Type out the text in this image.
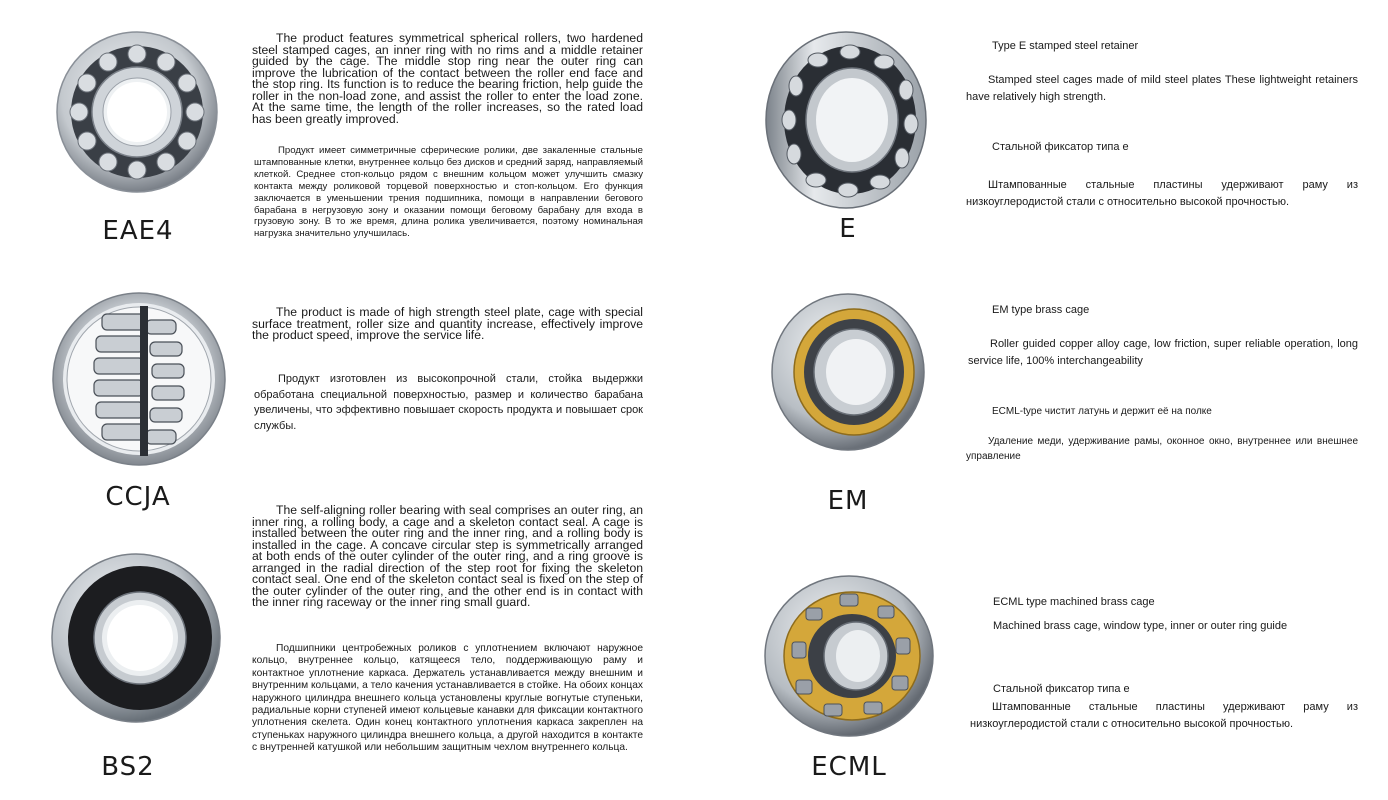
EAE4
CCJA
BS2

The product features symmetrical spherical rollers, two hardened steel stamped cages, an inner ring with no rims and a middle retainer guided by the cage. The middle stop ring near the outer ring can improve the lubrication of the contact between the roller end face and the stop ring. Its function is to reduce the bearing friction, help guide the roller in the non-load zone, and assist the roller to enter the load zone. At the same time, the length of the roller increases, so the rated load has been greatly improved.

Продукт имеет симметричные сферические ролики, две закаленные стальные штампованные клетки, внутреннее кольцо без дисков и средний зaряд, направляемый клеткой. Среднее стоп-кольцо рядом с внешним кольцом может улучшить смазку контакта между роликовой торцевой поверхностью и стоп-кольцом. Его функция заключается в уменьшении трения подшипника, помощи в направлении бегового барабана в негрузовую зону и оказании помощи беговому барабану для входа в грузовую зону. В то же время, длина ролика увеличивается, поэтому номинальная нагрузка значительно улучшилась.

The product is made of high strength steel plate, cage with special surface treatment, roller size and quantity increase, effectively improve the product speed, improve the service life.

Продукт изготовлен из высокопрочной стали, стойка выдержки обработана специальной поверхностью, размер и количество барабана увеличены, что эффективно повышает скорость продукта и повышает срок службы.

The self-aligning roller bearing with seal comprises an outer ring, an inner ring, a rolling body, a cage and a skeleton contact seal. A cage is installed between the outer ring and the inner ring, and a rolling body is installed in the cage. A concave circular step is symmetrically arranged at both ends of the outer cylinder of the outer ring, and a ring groove is arranged in the radial direction of the step root for fixing the skeleton contact seal. One end of the skeleton contact seal is fixed on the step of the outer cylinder of the outer ring, and the other end is in contact with the inner ring raceway or the inner ring small guard.

Подшипники центробежных роликов с уплотнением включают наружное кольцо, внутреннее кольцо, катящееся тело, поддерживающую раму и контактное уплотнение каркаса. Держатель устанавливается между внешним и внутренним кольцами, а тело качения устанавливается в стойке. На обоих концах наружного цилиндра внешнего кольца установлены круглые вогнутые ступеньки, радиальные корни ступеней имеют кольцевые канавки для фиксации контактного уплотнения скелета. Один конец контактного уплотнения каркаса закреплен на ступеньках наружного цилиндра внешнего кольца, а другой находится в контакте с внутренней катушкой или небольшим защитным чехлом внутреннего кольца.

E
EM
ECML

Type E stamped steel retainer

Stamped steel cages made of mild steel plates These lightweight retainers have relatively high strength.

Стальной фиксатор типа е

Штампованные стальные пластины удерживают раму из низкоуглеродистой стали с относительно высокой прочностью.

EM type brass cage

Roller guided copper alloy cage, low friction, super reliable operation, long service life, 100% interchangeability

ECML-type чистит латунь и держит её на полке

Удаление меди, удерживание рамы, оконное окно, внутреннее или внешнее управление

ECML type machined brass cage

Machined brass cage, window type, inner or outer ring guide

Стальной фиксатор типа е

Штампованные стальные пластины удерживают раму из низкоуглеродистой стали с относительно высокой прочностью.
